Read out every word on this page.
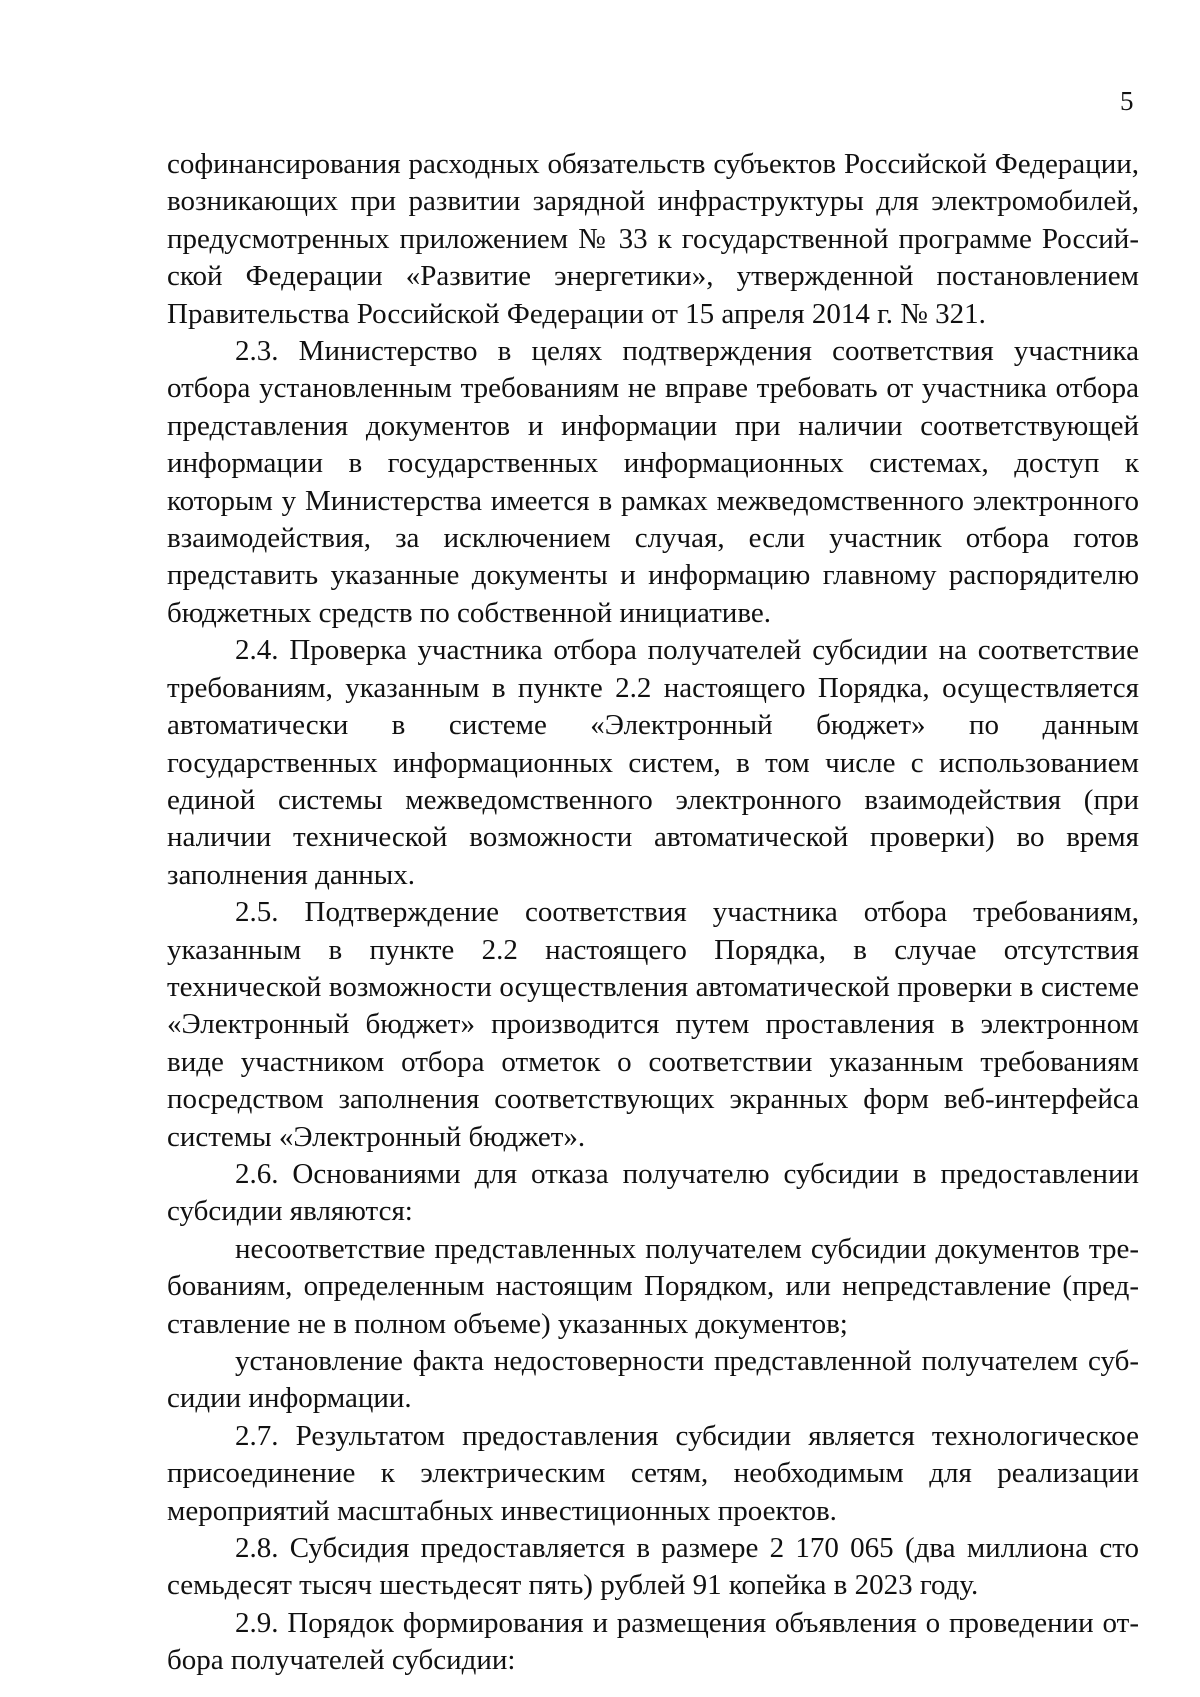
5

софинансирования расходных обязательств субъектов Российской Федерации, возникающих при развитии зарядной инфраструктуры для электромобилей, предусмотренных приложением № 33 к государственной программе Российской Федерации «Развитие энергетики», утвержденной постановлением Правительства Российской Федерации от 15 апреля 2014 г. № 321.

2.3. Министерство в целях подтверждения соответствия участника отбора установленным требованиям не вправе требовать от участника отбора представления документов и информации при наличии соответствующей информации в государственных информационных системах, доступ к которым у Министерства имеется в рамках межведомственного электронного взаимодействия, за исключением случая, если участник отбора готов представить указанные документы и информацию главному распорядителю бюджетных средств по собственной инициативе.

2.4. Проверка участника отбора получателей субсидии на соответствие требованиям, указанным в пункте 2.2 настоящего Порядка, осуществляется автоматически в системе «Электронный бюджет» по данным государственных информационных систем, в том числе с использованием единой системы межведомственного электронного взаимодействия (при наличии технической возможности автоматической проверки) во время заполнения данных.

2.5. Подтверждение соответствия участника отбора требованиям, указанным в пункте 2.2 настоящего Порядка, в случае отсутствия технической возможности осуществления автоматической проверки в системе «Электронный бюджет» производится путем проставления в электронном виде участником отбора отметок о соответствии указанным требованиям посредством заполнения соответствующих экранных форм веб-интерфейса системы «Электронный бюджет».

2.6. Основаниями для отказа получателю субсидии в предоставлении субсидии являются:

несоответствие представленных получателем субсидии документов требованиям, определенным настоящим Порядком, или непредставление (представление не в полном объеме) указанных документов;

установление факта недостоверности представленной получателем субсидии информации.

2.7. Результатом предоставления субсидии является технологическое присоединение к электрическим сетям, необходимым для реализации мероприятий масштабных инвестиционных проектов.

2.8. Субсидия предоставляется в размере 2 170 065 (два миллиона сто семьдесят тысяч шестьдесят пять) рублей 91 копейка в 2023 году.

2.9. Порядок формирования и размещения объявления о проведении отбора получателей субсидии:
